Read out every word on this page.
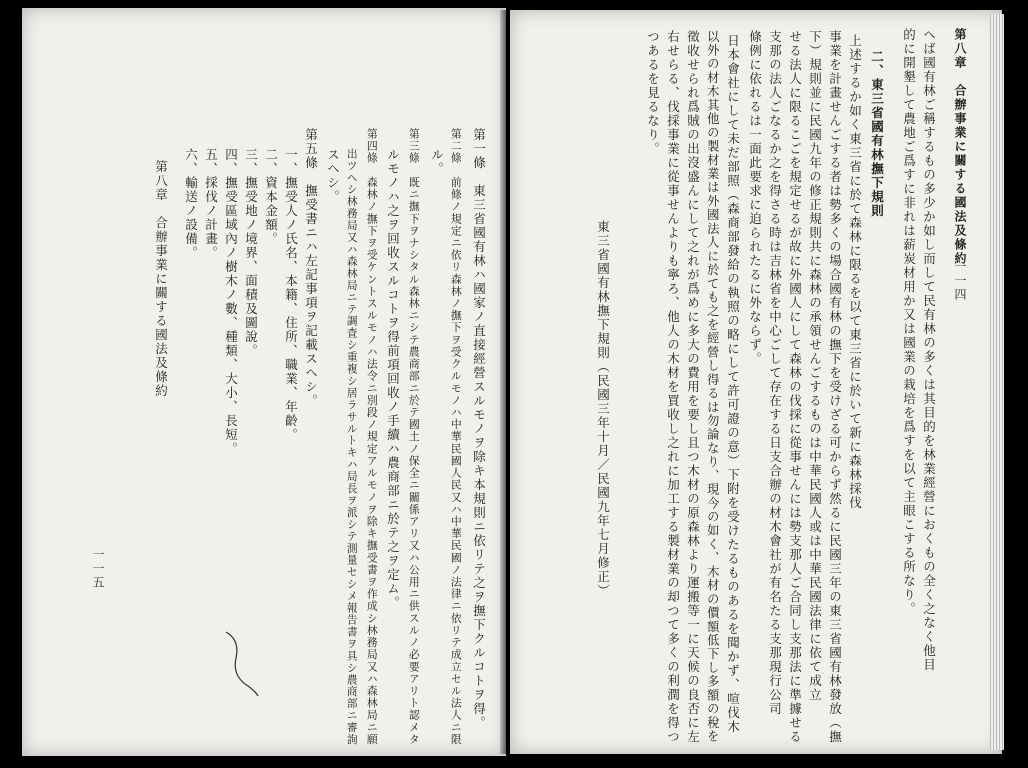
一一五	第一條　東三省國有林ハ國家ノ直接經營スルモノヲ除キ本規則ニ依リテ之ヲ撫下クルコトヲ得。
第二條　前條ノ規定ニ依リ森林ノ撫下ヲ受クルモノハ中華民國人民又ハ中華民國ノ法律ニ依リテ成立セル法人ニ限
ル。
第三條　既ニ撫下ヲナシタル森林ニシテ農商部ニ於テ國土ノ保全ニ關係アリ又ハ公用ニ供スルノ必要アリト認メタ
ルモノハ之ヲ回收スルコトヲ得前項回收ノ手續ハ農商部ニ於テ之ヲ定ム。
第四條　森林ノ撫下ヲ受ケントスルモノハ法令ニ別段ノ規定アルモノヲ除キ撫受書ヲ作成シ林務局又ハ森林局ニ願
出ツヘシ林務局又ハ森林局ニテ調査シ重複シ居ラサルトキハ局長ヲ派シテ測量セシメ報告書ヲ具シ農商部ニ審詢
スヘシ。
第五條　撫受書ニハ左記事項ヲ記載スヘシ。
一、撫受人ノ氏名、本籍、住所、職業、年齡。
二、資本金額。
三、撫受地ノ境界、面積及圖說。
四、撫受區域內ノ樹木ノ數、種類、大小、長短。
五、採伐ノ計畫。
六、輸送ノ設備。
第八章　合辦事業に關する國法及條約
第八章　合辦事業に關する國法及條約
一一四
へば國有林ご稱するもの多少か如し而して民有林の多くは其目的を林業經營におくもの全く之なく他目
的に開墾して農地ご爲すに非れは薪炭材用か又は國業の栽培を爲すを以て主眼こする所なり。
二、東三省國有林撫下規則
上述するか如く東三省に於て森林に限るを以て東三省に於いて新に森林採伐
事業を計畫せんごする者は勢多くの場合國有林の撫下を受けざる可からず然るに民國三年の東三省國有林發放（撫
下）規則並に民國九年の修正規則共に森林の承領せんごするものは中華民國人或は中華民國法律に依て成立
せる法人に限るこごを規定せるが故に外國人にして森林の伐採に從事せんには勢支那人ご合同し支那法に準據せる
支那の法人ごなるか之を得さる時は吉林省を中心ごして存在する日支合辦の材木會社が有名たる支那現行公司
條例に依れるは一面此要求に迫られたるに外ならず。
日本會社にして未だ部照（森商部發給の執照の略にして許可證の意）下附を受けたるものあるを聞かず、喧伐木
以外の材木其他の製材業は外國法人に於ても之を經營し得るは勿論なり、現今の如く、木材の價額低下し多額の稅を
徵收せられ爲賊の出沒盛んにして之れが爲めに多大の費用を要し且つ木材の原森林より運搬等一に天候の良否に左
右せらる、伐採事業に從事せんよりも寧ろ、他人の木材を買收し之れに加工する製材業の却つて多くの利潤を得つ
つあるを見るなり。
東三省國有林撫下規則（民國三年十月／民國九年七月修正）
